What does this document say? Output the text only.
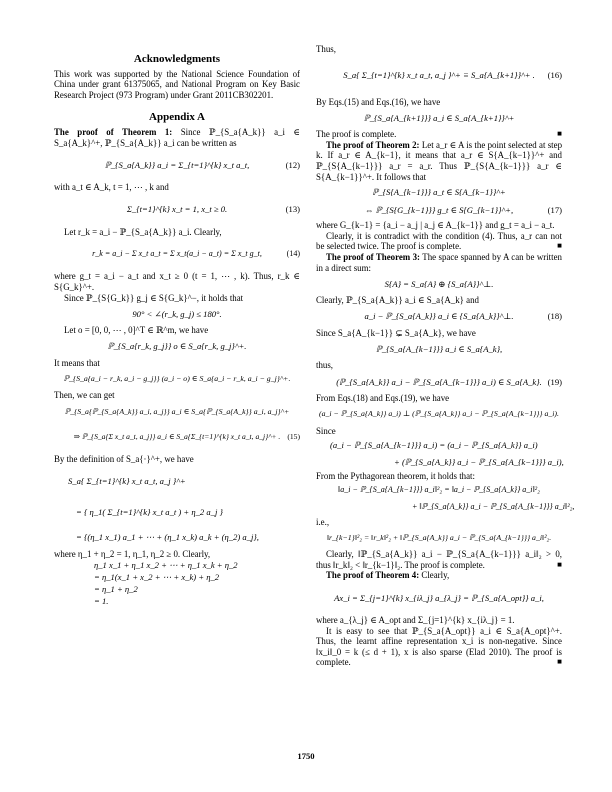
Acknowledgments

This work was supported by the National Science Foundation of China under grant 61375065, and National Program on Key Basic Research Project (973 Program) under Grant 2011CB302201.

Appendix A

The proof of Theorem 1: Since ℙ_{S_a{A_k}} a_i ∈ S_a{A_k}^+, ℙ_{S_a{A_k}} a_i can be written as

ℙ_{S_a{A_k}} a_i = Σ_{t=1}^{k} x_t a_t,	(12)

with a_t ∈ A_k, t = 1, ⋯ , k and

Σ_{t=1}^{k} x_t = 1, x_t ≥ 0.	(13)

Let r_k = a_i − ℙ_{S_a{A_k}} a_i. Clearly,

r_k = a_i − Σ x_t a_t = Σ x_t(a_i − a_t) = Σ x_t g_t,	(14)

where g_t = a_i − a_t and x_t ≥ 0 (t = 1, ⋯ , k). Thus, r_k ∈ S{G_k}^+.

Since ℙ_{S{G_k}} g_j ∈ S{G_k}^−, it holds that

90° < ∠(r_k, g_j) ≤ 180°.

Let o = [0, 0, ⋯ , 0]^T ∈ ℝ^m, we have

ℙ_{S_a{r_k, g_j}} o ∈ S_a{r_k, g_j}^+.

It means that

ℙ_{S_a{a_i − r_k, a_i − g_j}} (a_i − o) ∈ S_a{a_i − r_k, a_i − g_j}^+.

Then, we can get

ℙ_{S_a{ℙ_{S_a{A_k}} a_i, a_j}} a_i ∈ S_a{ℙ_{S_a{A_k}} a_i, a_j}^+
⇒ ℙ_{S_a{Σ x_t a_t, a_j}} a_i ∈ S_a{Σ_{t=1}^{k} x_t a_t, a_j}^+ . (15)

By the definition of S_a{·}^+, we have

S_a{ Σ_{t=1}^{k} x_t a_t, a_j }^+
= { η_1( Σ_{t=1}^{k} x_t a_t ) + η_2 a_j }
= {(η_1 x_1) a_1 + ⋯ + (η_1 x_k) a_k + (η_2) a_j},

where η_1 + η_2 = 1, η_1, η_2 ≥ 0. Clearly,

η_1 x_1 + η_1 x_2 + ⋯ + η_1 x_k + η_2
= η_1(x_1 + x_2 + ⋯ + x_k) + η_2
= η_1 + η_2
= 1.

Thus,

S_a{ Σ_{t=1}^{k} x_t a_t, a_j }^+ ≡ S_a{A_{k+1}}^+ . (16)

By Eqs.(15) and Eqs.(16), we have

ℙ_{S_a{A_{k+1}}} a_i ∈ S_a{A_{k+1}}^+

The proof is complete.	■

The proof of Theorem 2: Let a_r ∈ A is the point selected at step k. If a_r ∈ A_{k−1}, it means that a_r ∈ S{A_{k−1}}^+ and ℙ_{S{A_{k−1}}} a_r = a_r. Thus ℙ_{S{A_{k−1}}} a_r ∈ S{A_{k−1}}^+. It follows that

ℙ_{S{A_{k−1}}} a_t ∈ S{A_{k−1}}^+
⇔ ℙ_{S{G_{k−1}}} g_t ∈ S{G_{k−1}}^+,	(17)

where G_{k−1} = {a_i − a_j | a_j ∈ A_{k−1}} and g_t = a_i − a_t.

Clearly, it is contradict with the condition (4). Thus, a_r can not be selected twice. The proof is complete.	■

The proof of Theorem 3: The space spanned by A can be written in a direct sum:

S{A} = S_a{A} ⊕ {S_a{A}}^⊥.

Clearly, ℙ_{S_a{A_k}} a_i ∈ S_a{A_k} and

a_i − ℙ_{S_a{A_k}} a_i ∈ {S_a{A_k}}^⊥.	(18)

Since S_a{A_{k−1}} ⊊ S_a{A_k}, we have

ℙ_{S_a{A_{k−1}}} a_i ∈ S_a{A_k},

thus,

(ℙ_{S_a{A_k}} a_i − ℙ_{S_a{A_{k−1}}} a_i) ∈ S_a{A_k}. (19)

From Eqs.(18) and Eqs.(19), we have

(a_i − ℙ_{S_a{A_k}} a_i) ⊥ (ℙ_{S_a{A_k}} a_i − ℙ_{S_a{A_{k−1}}} a_i).

Since

(a_i − ℙ_{S_a{A_{k−1}}} a_i) = (a_i − ℙ_{S_a{A_k}} a_i)
+ (ℙ_{S_a{A_k}} a_i − ℙ_{S_a{A_{k−1}}} a_i),

From the Pythagorean theorem, it holds that:

‖a_i − ℙ_{S_a{A_{k−1}}} a_i‖²₂ = ‖a_i − ℙ_{S_a{A_k}} a_i‖²₂
+ ‖ℙ_{S_a{A_k}} a_i − ℙ_{S_a{A_{k−1}}} a_i‖²₂,

i.e.,

‖r_{k−1}‖²₂ = ‖r_k‖²₂ + ‖ℙ_{S_a{A_k}} a_i − ℙ_{S_a{A_{k−1}}} a_i‖²₂.

Clearly, ‖ℙ_{S_a{A_k}} a_i − ℙ_{S_a{A_{k−1}}} a_i‖₂ > 0, thus ‖r_k‖₂ < ‖r_{k−1}‖₂. The proof is complete.	■

The proof of Theorem 4: Clearly,

Ax_i = Σ_{j=1}^{k} x_{iλ_j} a_{λ_j} = ℙ_{S_a{A_opt}} a_i,

where a_{λ_j} ∈ A_opt and Σ_{j=1}^{k} x_{iλ_j} = 1.

It is easy to see that ℙ_{S_a{A_opt}} a_i ∈ S_a{A_opt}^+. Thus, the learnt affine representation x_i is non-negative. Since ‖x_i‖_0 = k (≤ d + 1), x is also sparse (Elad 2010). The proof is complete.	■

1750
